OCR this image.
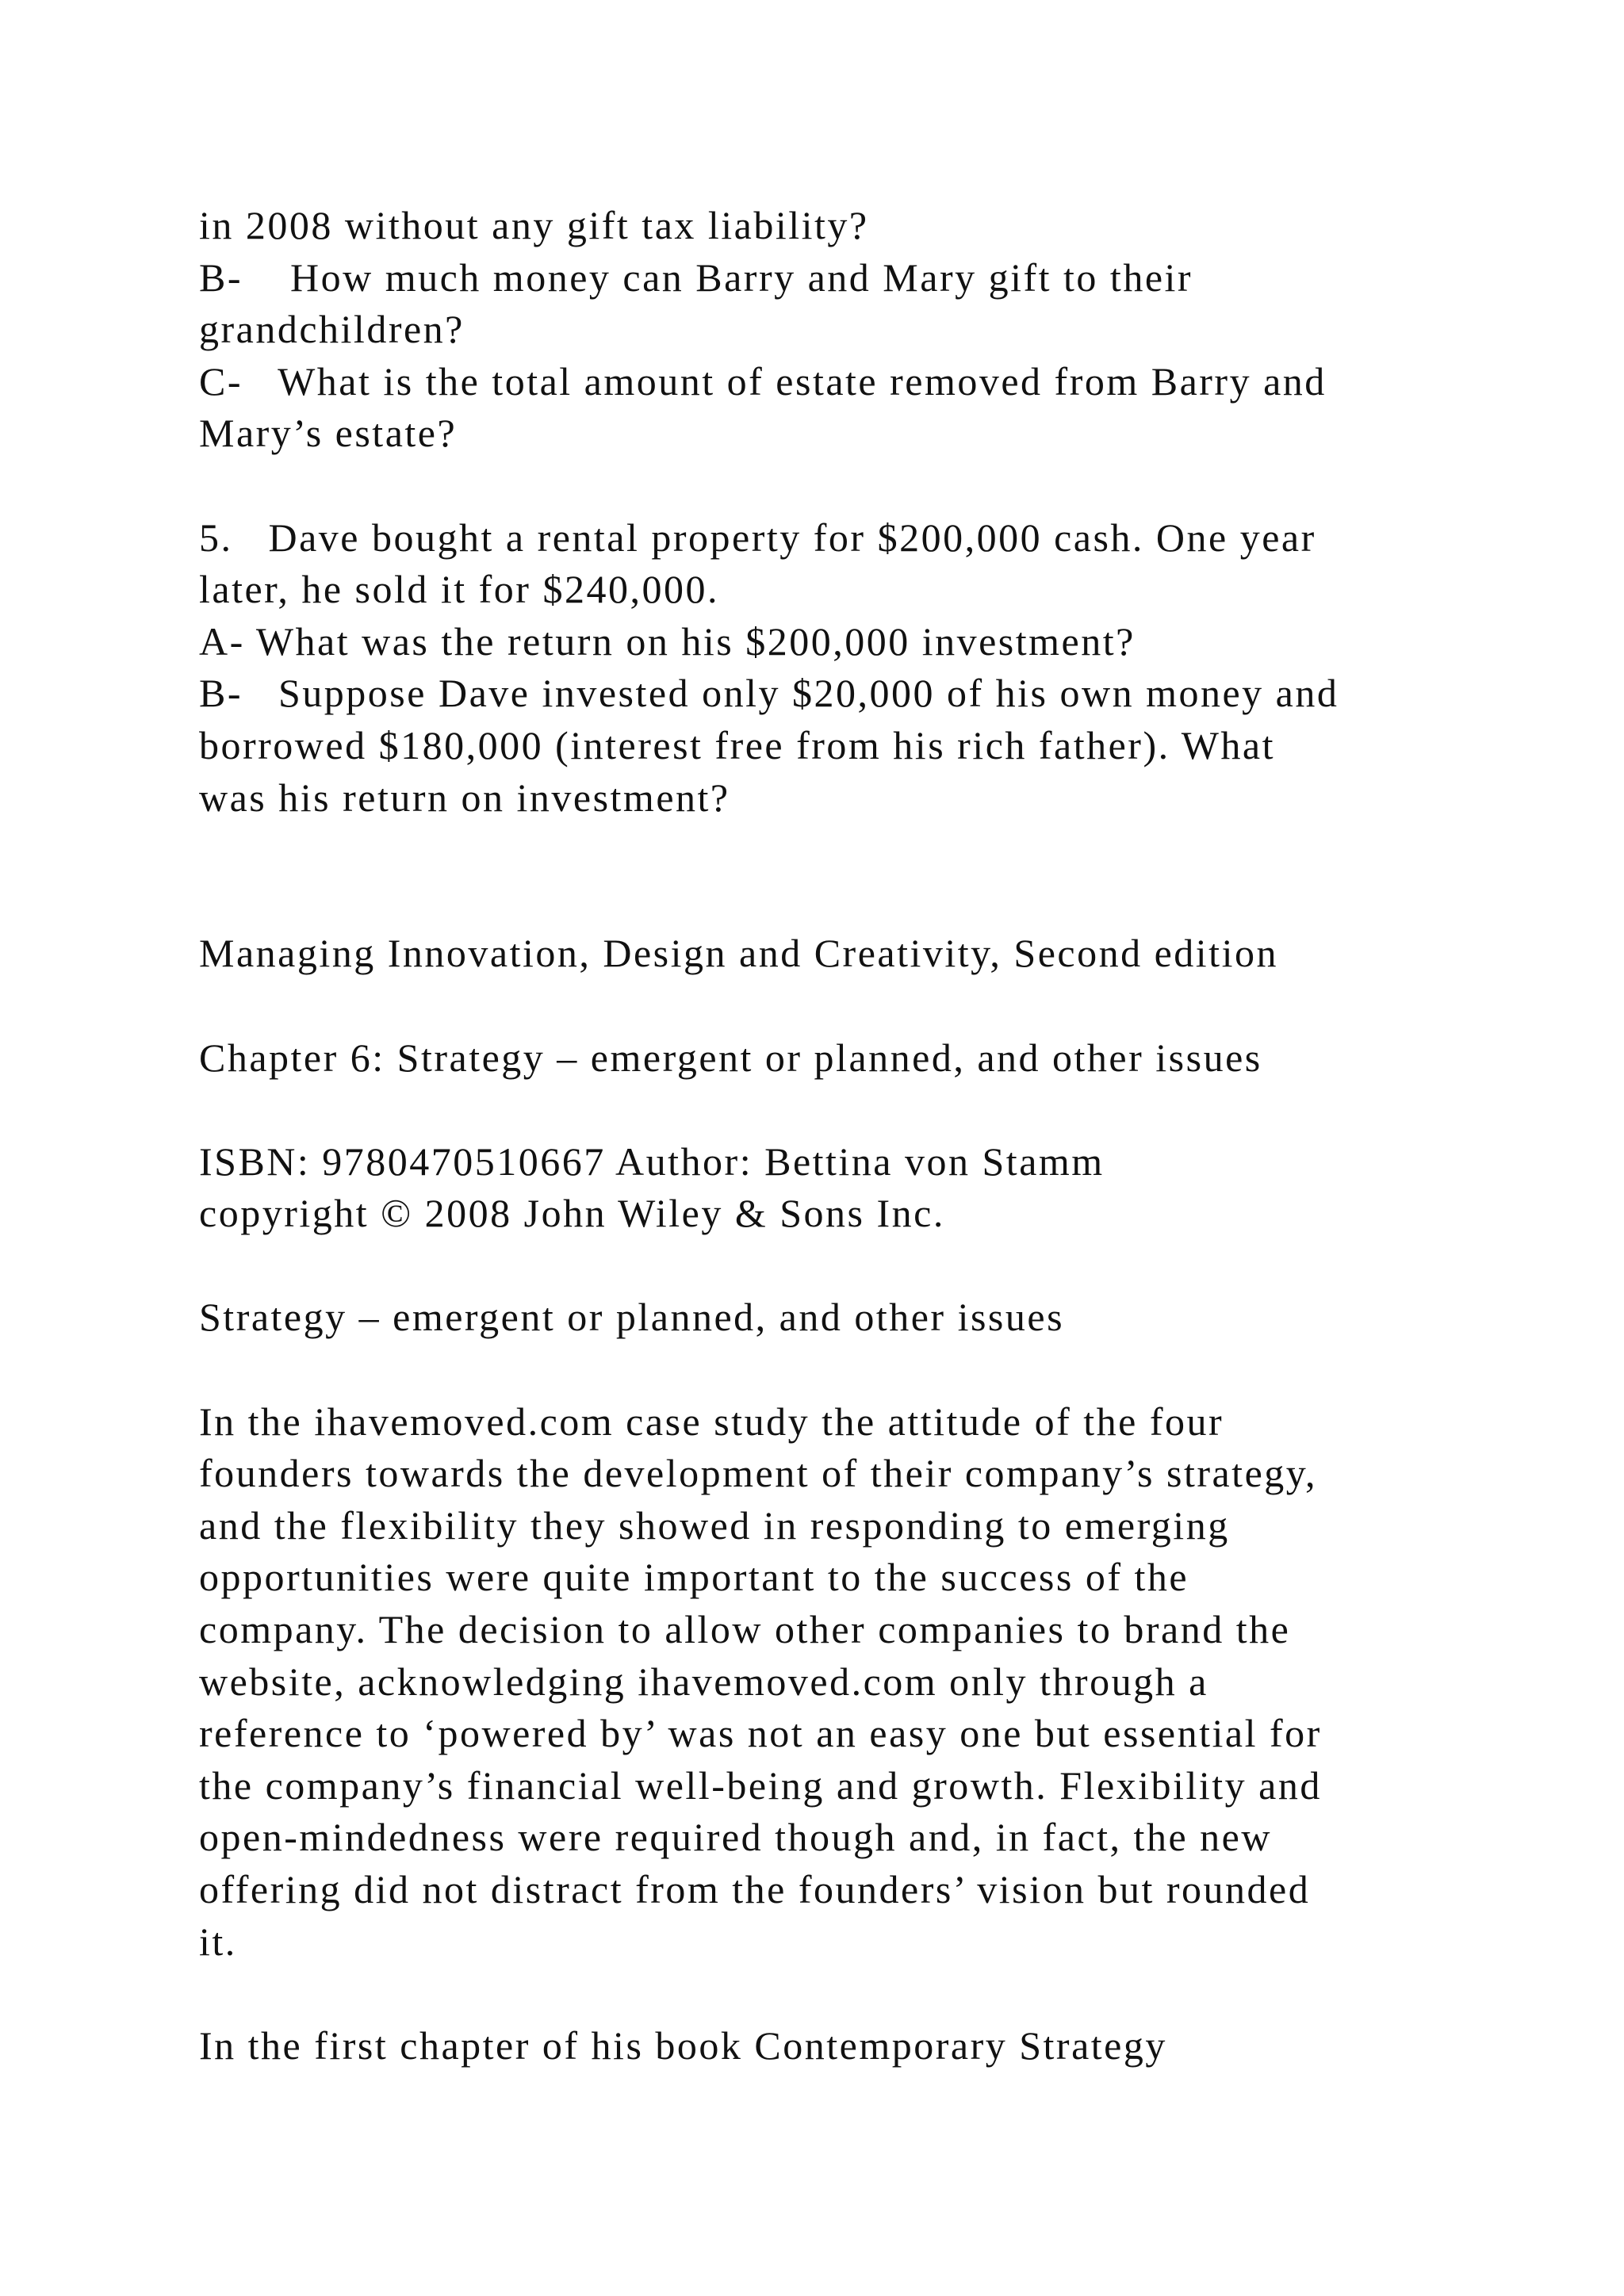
in 2008 without any gift tax liability?
B-    How much money can Barry and Mary gift to their
grandchildren?
C-   What is the total amount of estate removed from Barry and
Mary’s estate?
5.   Dave bought a rental property for $200,000 cash. One year
later, he sold it for $240,000.
A- What was the return on his $200,000 investment?
B-   Suppose Dave invested only $20,000 of his own money and
borrowed $180,000 (interest free from his rich father). What
was his return on investment?
Managing Innovation, Design and Creativity, Second edition
Chapter 6: Strategy – emergent or planned, and other issues
ISBN: 9780470510667 Author: Bettina von Stamm
copyright © 2008 John Wiley & Sons Inc.
Strategy – emergent or planned, and other issues
In the ihavemoved.com case study the attitude of the four
founders towards the development of their company’s strategy,
and the flexibility they showed in responding to emerging
opportunities were quite important to the success of the
company. The decision to allow other companies to brand the
website, acknowledging ihavemoved.com only through a
reference to ‘powered by’ was not an easy one but essential for
the company’s financial well-being and growth. Flexibility and
open-mindedness were required though and, in fact, the new
offering did not distract from the founders’ vision but rounded
it.
In the first chapter of his book Contemporary Strategy
